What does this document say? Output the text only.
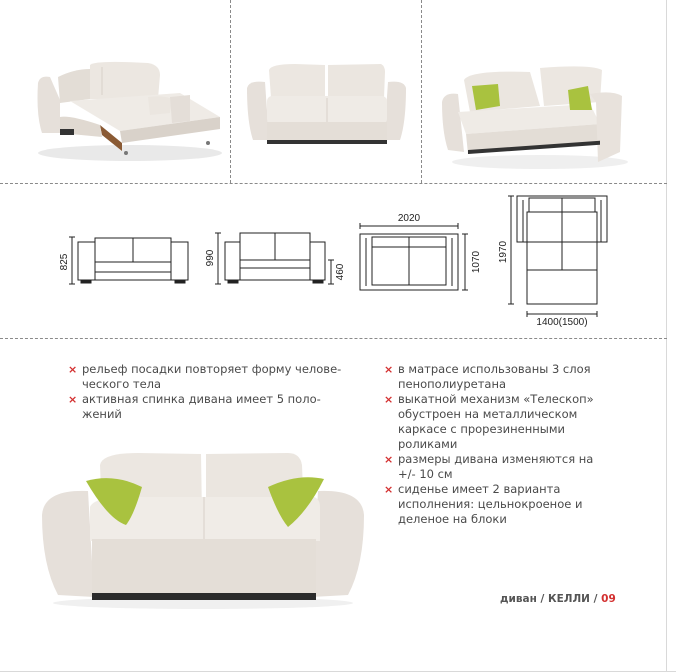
825	990
460
2020
1070 1970
1400(1500)
× рельеф посадки повторяет форму челове-ческого тела
× активная спинка дивана имеет 5 поло-жений
× в матрасе использованы 3 слоя пенополиуретана
× выкатной механизм «Телескоп» обустроен на металлическом каркасе с прорезиненными роликами
× размеры дивана изменяются на +/- 10 см
× сиденье имеет 2 варианта исполнения: цельнокроеное и деленое на блоки
диван / КЕЛЛИ / 09
